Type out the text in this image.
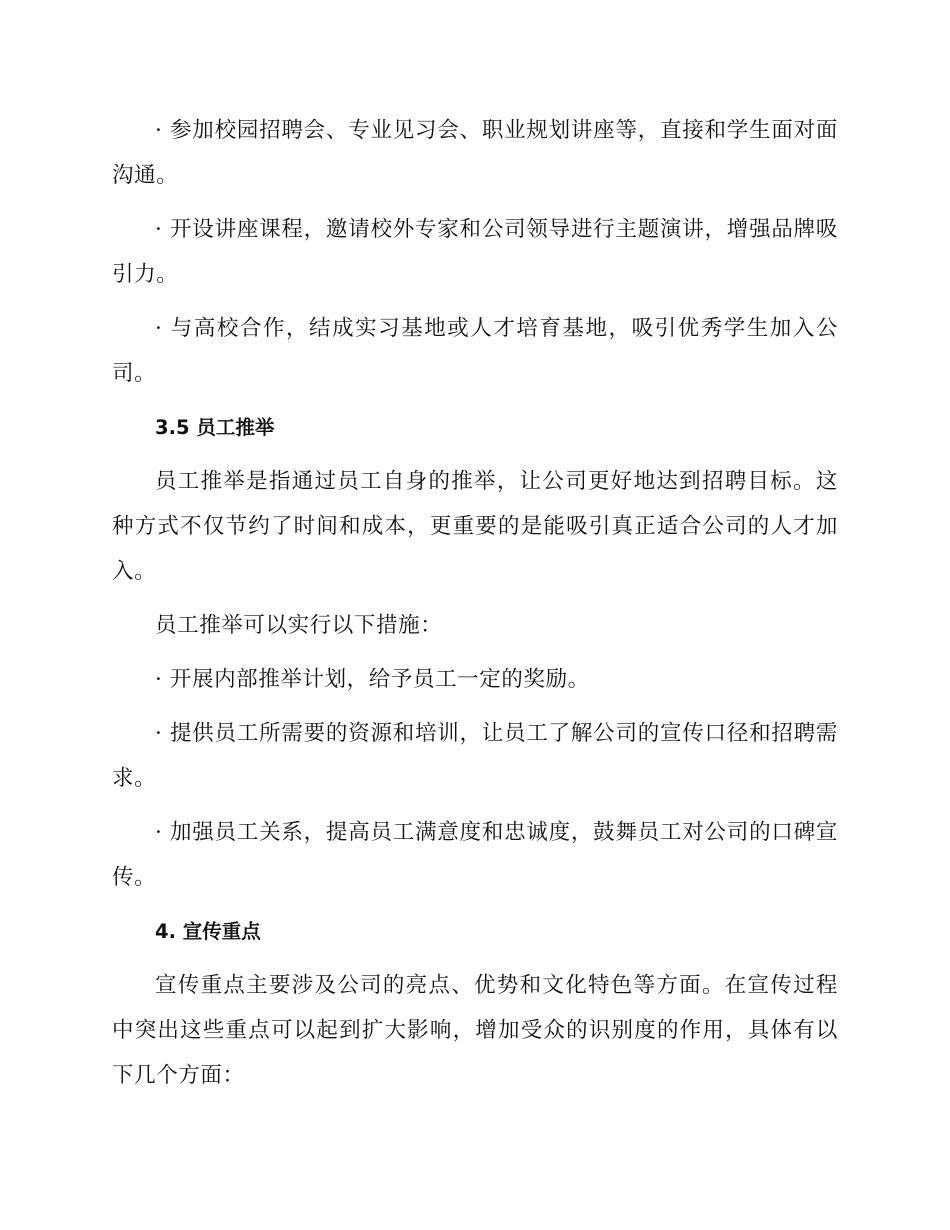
· 参加校园招聘会、专业见习会、职业规划讲座等，直接和学生面对面沟通。

· 开设讲座课程，邀请校外专家和公司领导进行主题演讲，增强品牌吸引力。

· 与高校合作，结成实习基地或人才培育基地，吸引优秀学生加入公司。

3.5 员工推举

员工推举是指通过员工自身的推举，让公司更好地达到招聘目标。这种方式不仅节约了时间和成本，更重要的是能吸引真正适合公司的人才加入。

员工推举可以实行以下措施：

· 开展内部推举计划，给予员工一定的奖励。

· 提供员工所需要的资源和培训，让员工了解公司的宣传口径和招聘需求。

· 加强员工关系，提高员工满意度和忠诚度，鼓舞员工对公司的口碑宣传。

4. 宣传重点

宣传重点主要涉及公司的亮点、优势和文化特色等方面。在宣传过程中突出这些重点可以起到扩大影响，增加受众的识别度的作用，具体有以下几个方面：
